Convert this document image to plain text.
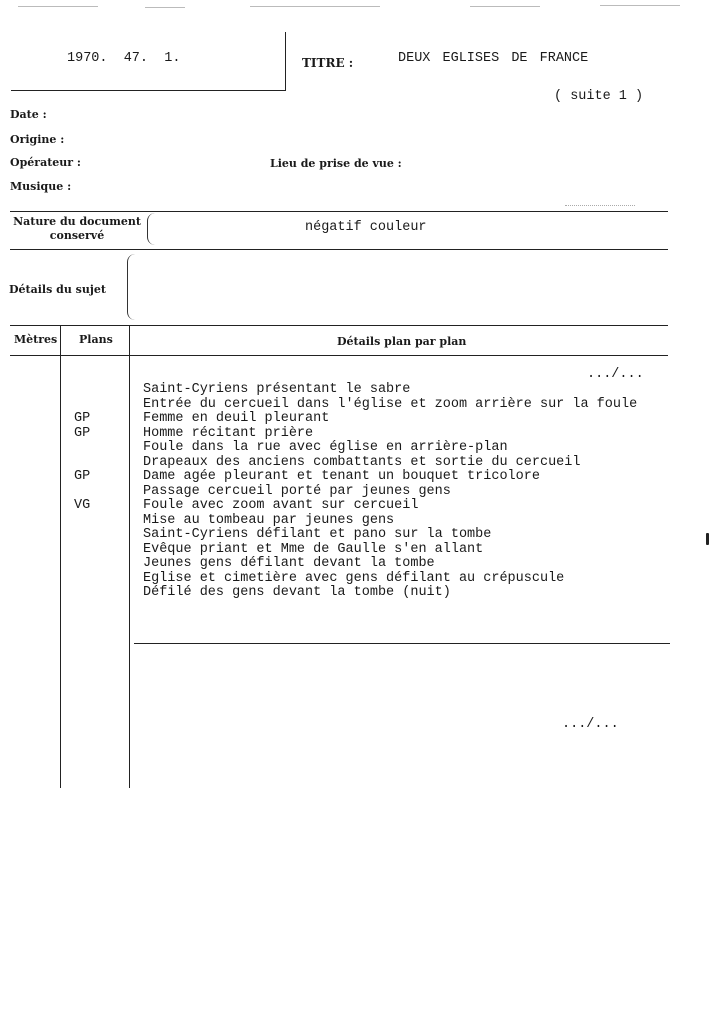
1970.  47.  1.	TITRE :	DEUX EGLISES DE FRANCE
( suite 1 )
Date :
Origine :
Opérateur :	Lieu de prise de vue :
Musique :
Nature du document
conservé
négatif couleur
Détails du sujet
Mètres Plans	Détails plan par plan
.../...
Saint-Cyriens présentant le sabre
Entrée du cercueil dans l'église et zoom arrière sur la foule
GP	Femme en deuil pleurant
GP	Homme récitant prière
Foule dans la rue avec église en arrière-plan
Drapeaux des anciens combattants et sortie du cercueil
GP	Dame agée pleurant et tenant un bouquet tricolore
Passage cercueil porté par jeunes gens
VG	Foule avec zoom avant sur cercueil
Mise au tombeau par jeunes gens
Saint-Cyriens défilant et pano sur la tombe
Evêque priant et Mme de Gaulle s'en allant
Jeunes gens défilant devant la tombe
Eglise et cimetière avec gens défilant au crépuscule
Défilé des gens devant la tombe (nuit)
.../...
